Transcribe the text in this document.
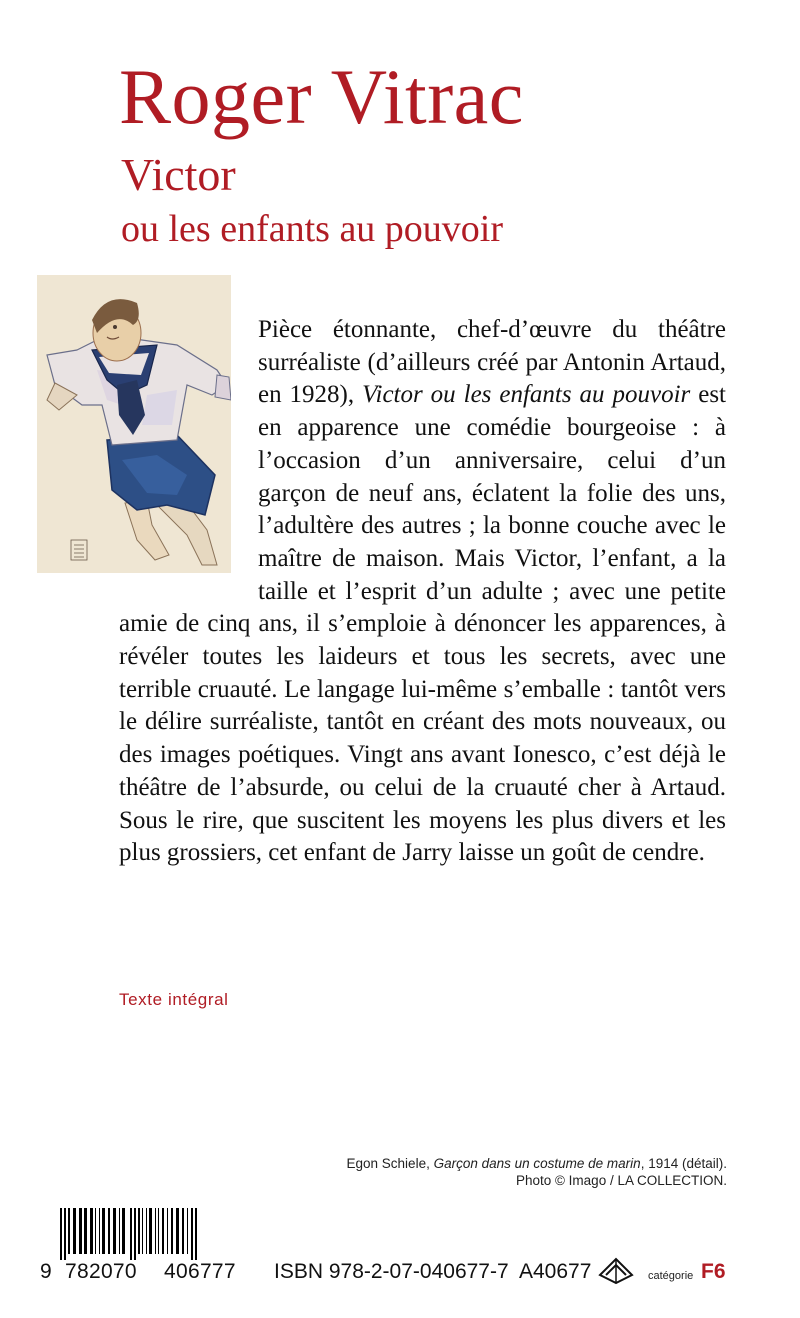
Roger Vitrac
Victor
ou les enfants au pouvoir

Pièce étonnante, chef-d’œuvre du théâtre surréaliste (d’ailleurs créé par Antonin Artaud, en 1928), Victor ou les enfants au pouvoir est en apparence une comédie bourgeoise : à l’occasion d’un anniversaire, celui d’un garçon de neuf ans, éclatent la folie des uns, l’adultère des autres ; la bonne couche avec le maître de maison. Mais Victor, l’enfant, a la taille et l’esprit d’un adulte ; avec une petite amie de cinq ans, il s’emploie à dénoncer les apparences, à révéler toutes les laideurs et tous les secrets, avec une terrible cruauté. Le langage lui-même s’emballe : tantôt vers le délire surréaliste, tantôt en créant des mots nouveaux, ou des images poétiques. Vingt ans avant Ionesco, c’est déjà le théâtre de l’absurde, ou celui de la cruauté cher à Artaud. Sous le rire, que suscitent les moyens les plus divers et les plus grossiers, cet enfant de Jarry laisse un goût de cendre.

Texte intégral
Egon Schiele, Garçon dans un costume de marin, 1914 (détail).
Photo © Imago / LA COLLECTION.
9 782070 406777 ISBN 978-2-07-040677-7 A40677	catégorie F6
